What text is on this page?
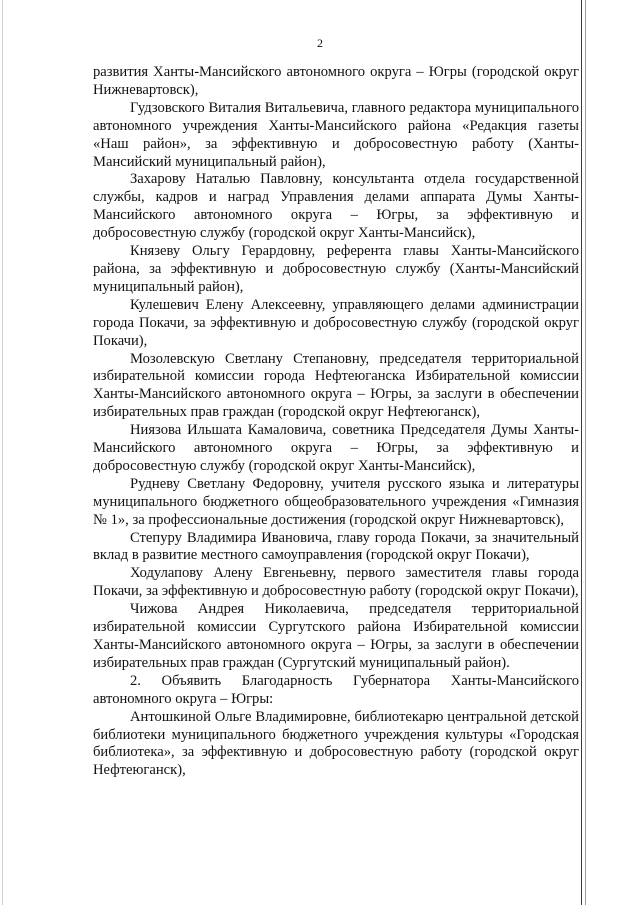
2

развития Ханты-Мансийского автономного округа – Югры (городской округ Нижневартовск),

Гудзовского Виталия Витальевича, главного редактора муниципального автономного учреждения Ханты-Мансийского района «Редакция газеты «Наш район», за эффективную и добросовестную работу (Ханты-Мансийский муниципальный район),

Захарову Наталью Павловну, консультанта отдела государственной службы, кадров и наград Управления делами аппарата Думы Ханты-Мансийского автономного округа – Югры, за эффективную и добросовестную службу (городской округ Ханты-Мансийск),

Князеву Ольгу Герардовну, референта главы Ханты-Мансийского района, за эффективную и добросовестную службу (Ханты-Мансийский муниципальный район),

Кулешевич Елену Алексеевну, управляющего делами администрации города Покачи, за эффективную и добросовестную службу (городской округ Покачи),

Мозолевскую Светлану Степановну, председателя территориальной избирательной комиссии города Нефтеюганска Избирательной комиссии Ханты-Мансийского автономного округа – Югры, за заслуги в обеспечении избирательных прав граждан (городской округ Нефтеюганск),

Ниязова Ильшата Камаловича, советника Председателя Думы Ханты-Мансийского автономного округа – Югры, за эффективную и добросовестную службу (городской округ Ханты-Мансийск),

Рудневу Светлану Федоровну, учителя русского языка и литературы муниципального бюджетного общеобразовательного учреждения «Гимназия № 1», за профессиональные достижения (городской округ Нижневартовск),

Степуру Владимира Ивановича, главу города Покачи, за значительный вклад в развитие местного самоуправления (городской округ Покачи),

Ходулапову Алену Евгеньевну, первого заместителя главы города Покачи, за эффективную и добросовестную работу (городской округ Покачи),

Чижова Андрея Николаевича, председателя территориальной избирательной комиссии Сургутского района Избирательной комиссии Ханты-Мансийского автономного округа – Югры, за заслуги в обеспечении избирательных прав граждан (Сургутский муниципальный район).

2. Объявить Благодарность Губернатора Ханты-Мансийского автономного округа – Югры:

Антошкиной Ольге Владимировне, библиотекарю центральной детской библиотеки муниципального бюджетного учреждения культуры «Городская библиотека», за эффективную и добросовестную работу (городской округ Нефтеюганск),
